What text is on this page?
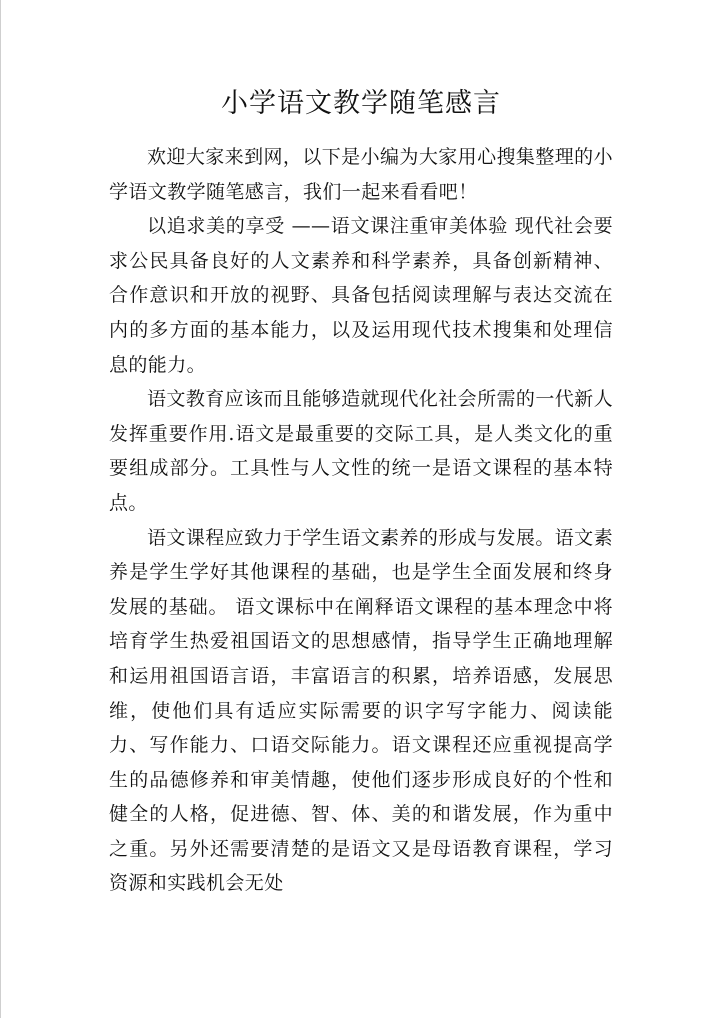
小学语文教学随笔感言

欢迎大家来到网，以下是小编为大家用心搜集整理的小学语文教学随笔感言，我们一起来看看吧！

以追求美的享受 ——语文课注重审美体验 现代社会要求公民具备良好的人文素养和科学素养，具备创新精神、合作意识和开放的视野、具备包括阅读理解与表达交流在内的多方面的基本能力，以及运用现代技术搜集和处理信息的能力。

语文教育应该而且能够造就现代化社会所需的一代新人发挥重要作用.语文是最重要的交际工具，是人类文化的重要组成部分。工具性与人文性的统一是语文课程的基本特点。

语文课程应致力于学生语文素养的形成与发展。语文素养是学生学好其他课程的基础，也是学生全面发展和终身发展的基础。 语文课标中在阐释语文课程的基本理念中将培育学生热爱祖国语文的思想感情，指导学生正确地理解和运用祖国语言语，丰富语言的积累，培养语感，发展思维，使他们具有适应实际需要的识字写字能力、阅读能力、写作能力、口语交际能力。语文课程还应重视提高学生的品德修养和审美情趣，使他们逐步形成良好的个性和健全的人格，促进德、智、体、美的和谐发展，作为重中之重。另外还需要清楚的是语文又是母语教育课程，学习资源和实践机会无处
